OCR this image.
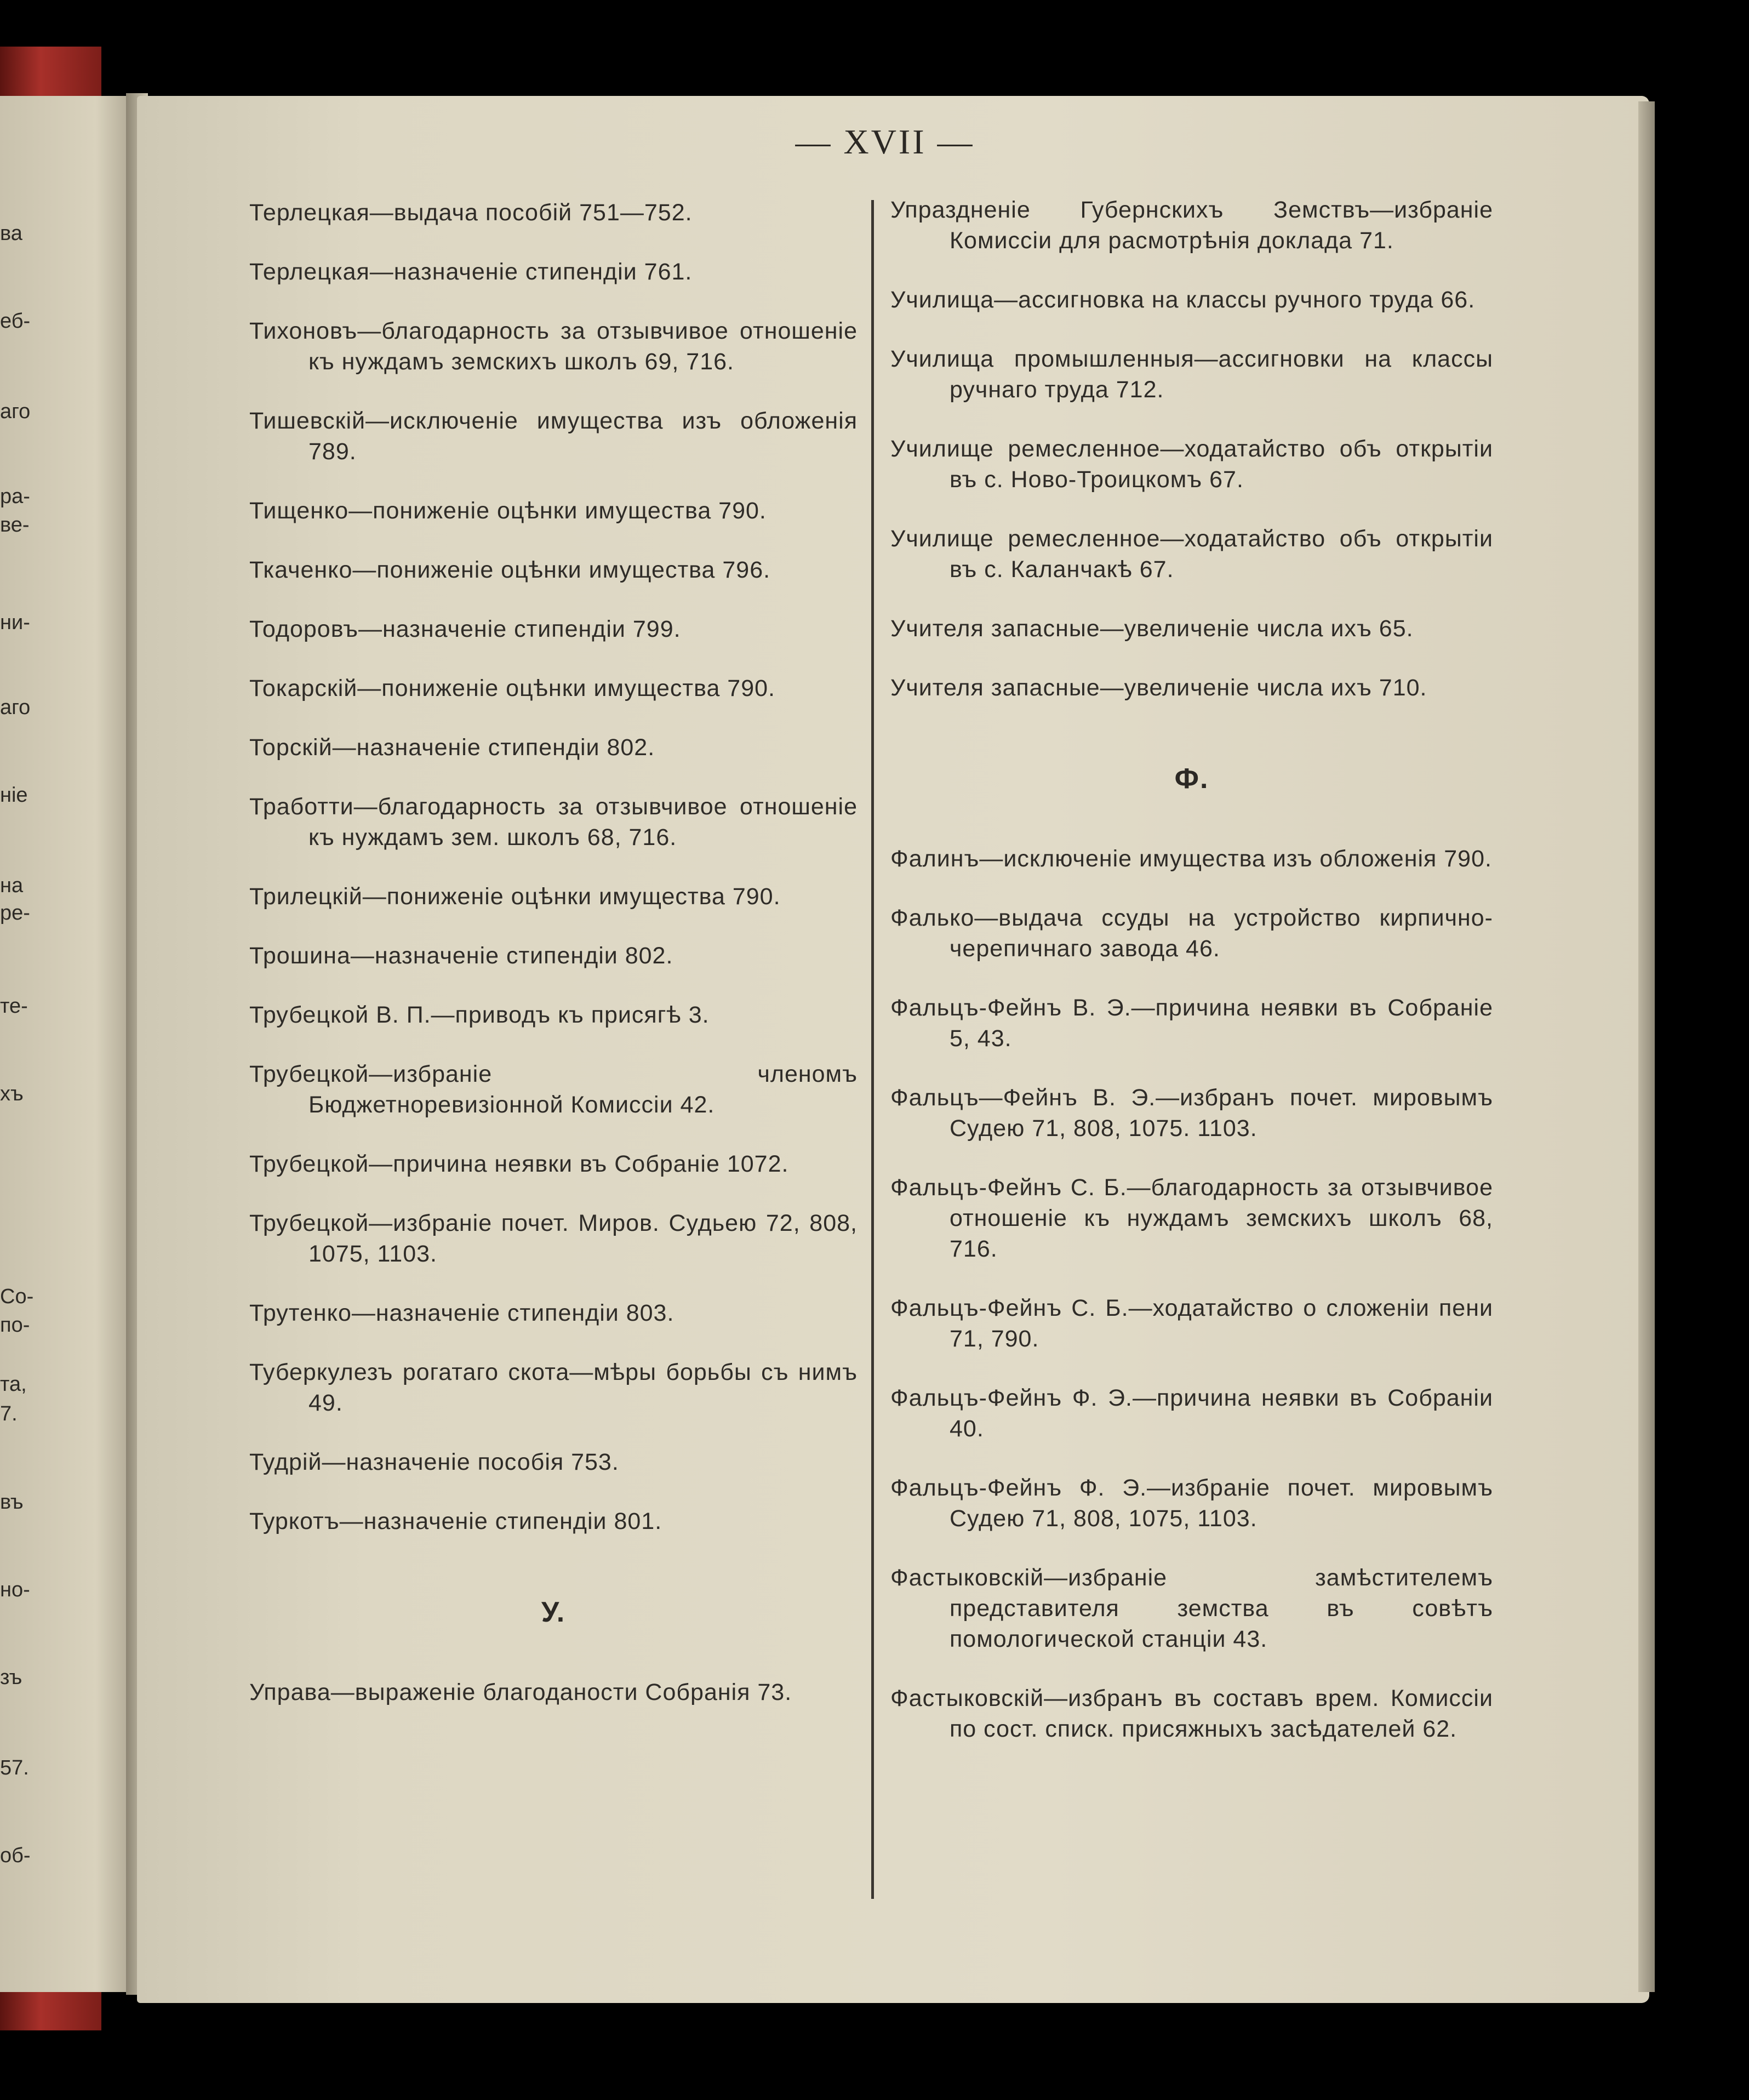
ва
еб-
аго
ра-
ве-
ни-
аго
ніе
на
ре-
те-
хъ
Со-
по-
та,
7.
въ
но-
зъ
57.
об-
— XVII —

Терлецкая—выдача пособій 751—752.

Терлецкая—назначеніе стипендіи 761.

Тихоновъ—благодарность за отзывчивое отношеніе къ нуждамъ земскихъ школъ 69, 716.

Тишевскій—исключеніе имущества изъ обложенія 789.

Тищенко—пониженіе оцѣнки имущества 790.

Ткаченко—пониженіе оцѣнки имущества 796.

Тодоровъ—назначеніе стипендіи 799.

Токарскій—пониженіе оцѣнки имущества 790.

Торскій—назначеніе стипендіи 802.

Тработти—благодарность за отзывчивое отношеніе къ нуждамъ зем. школъ 68, 716.

Трилецкій—пониженіе оцѣнки имущества 790.

Трошина—назначеніе стипендіи 802.

Трубецкой В. П.—приводъ къ присягѣ 3.

Трубецкой—избраніе членомъ Бюджетноревизіонной Комиссіи 42.

Трубецкой—причина неявки въ Собраніе 1072.

Трубецкой—избраніе почет. Миров. Судьею 72, 808, 1075, 1103.

Трутенко—назначеніе стипендіи 803.

Туберкулезъ рогатаго скота—мѣры борьбы съ нимъ 49.

Тудрій—назначеніе пособія 753.

Туркотъ—назначеніе стипендіи 801.

У.

Управа—выраженіе благоданости Собранія 73.

Упраздненіе Губернскихъ Земствъ—избраніе Комиссіи для расмотрѣнія доклада 71.

Училища—ассигновка на классы ручного труда 66.

Училища промышленныя—ассигновки на классы ручнаго труда 712.

Училище ремесленное—ходатайство объ открытіи въ с. Ново-Троицкомъ 67.

Училище ремесленное—ходатайство объ открытіи въ с. Каланчакѣ 67.

Учителя запасные—увеличеніе числа ихъ 65.

Учителя запасные—увеличеніе числа ихъ 710.

Ф.

Фалинъ—исключеніе имущества изъ обложенія 790.

Фалько—выдача ссуды на устройство кирпично-черепичнаго завода 46.

Фальцъ-Фейнъ В. Э.—причина неявки въ Собраніе 5, 43.

Фальцъ—Фейнъ В. Э.—избранъ почет. мировымъ Судею 71, 808, 1075. 1103.

Фальцъ-Фейнъ С. Б.—благодарность за отзывчивое отношеніе къ нуждамъ земскихъ школъ 68, 716.

Фальцъ-Фейнъ С. Б.—ходатайство о сложеніи пени 71, 790.

Фальцъ-Фейнъ Ф. Э.—причина неявки въ Собраніи 40.

Фальцъ-Фейнъ Ф. Э.—избраніе почет. мировымъ Судею 71, 808, 1075, 1103.

Фастыковскій—избраніе замѣстителемъ представителя земства въ совѣтъ помологической станціи 43.

Фастыковскій—избранъ въ составъ врем. Комиссіи по сост. списк. присяжныхъ засѣдателей 62.
